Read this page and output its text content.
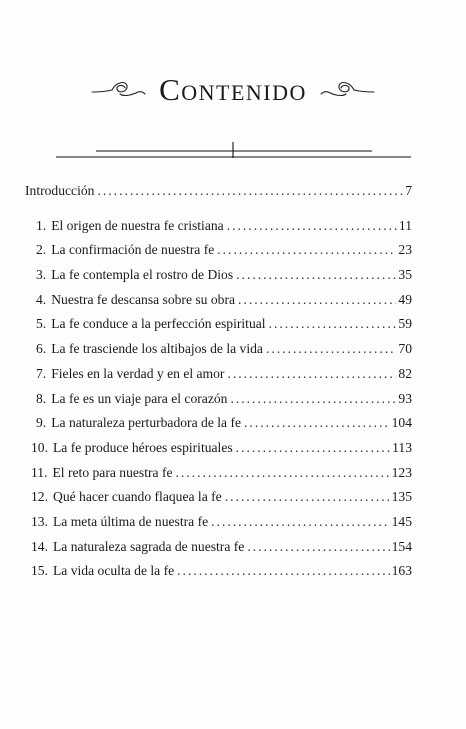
Contenido
Introducción .....	7
1. El origen de nuestra fe cristiana .....	11
2. La confirmación de nuestra fe .....	23
3. La fe contempla el rostro de Dios .....	35
4. Nuestra fe descansa sobre su obra .....	49
5. La fe conduce a la perfección espiritual .....	59
6. La fe trasciende los altibajos de la vida .....	70
7. Fieles en la verdad y en el amor .....	82
8. La fe es un viaje para el corazón .....	93
9. La naturaleza perturbadora de la fe .....	104
10. La fe produce héroes espirituales .....	113
11. El reto para nuestra fe .....	123
12. Qué hacer cuando flaquea la fe .....	135
13. La meta última de nuestra fe .....	145
14. La naturaleza sagrada de nuestra fe .....	154
15. La vida oculta de la fe .....	163
